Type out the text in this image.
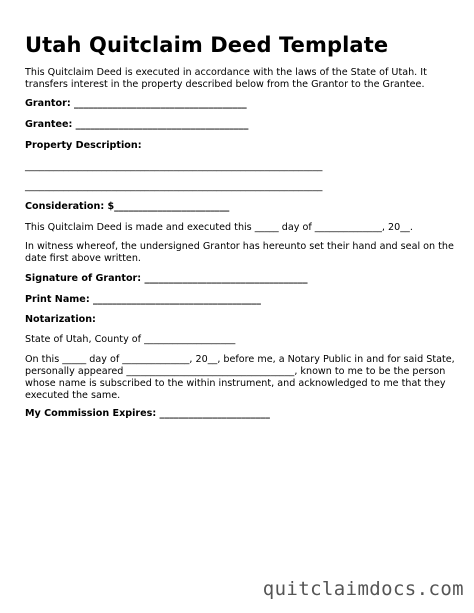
Utah Quitclaim Deed Template

This Quitclaim Deed is executed in accordance with the laws of the State of Utah. It

transfers interest in the property described below from the Grantor to the Grantee.

Grantor: ____________________________________

Grantee: ____________________________________

Property Description:

______________________________________________________________

______________________________________________________________

Consideration: $________________________

This Quitclaim Deed is made and executed this _____ day of ______________, 20__.

In witness whereof, the undersigned Grantor has hereunto set their hand and seal on the

date first above written.

Signature of Grantor: __________________________________

Print Name: ___________________________________

Notarization:

State of Utah, County of ___________________

On this _____ day of ______________, 20__, before me, a Notary Public in and for said State,

personally appeared ___________________________________, known to me to be the person

whose name is subscribed to the within instrument, and acknowledged to me that they

executed the same.

My Commission Expires: _______________________

quitclaimdocs.com
